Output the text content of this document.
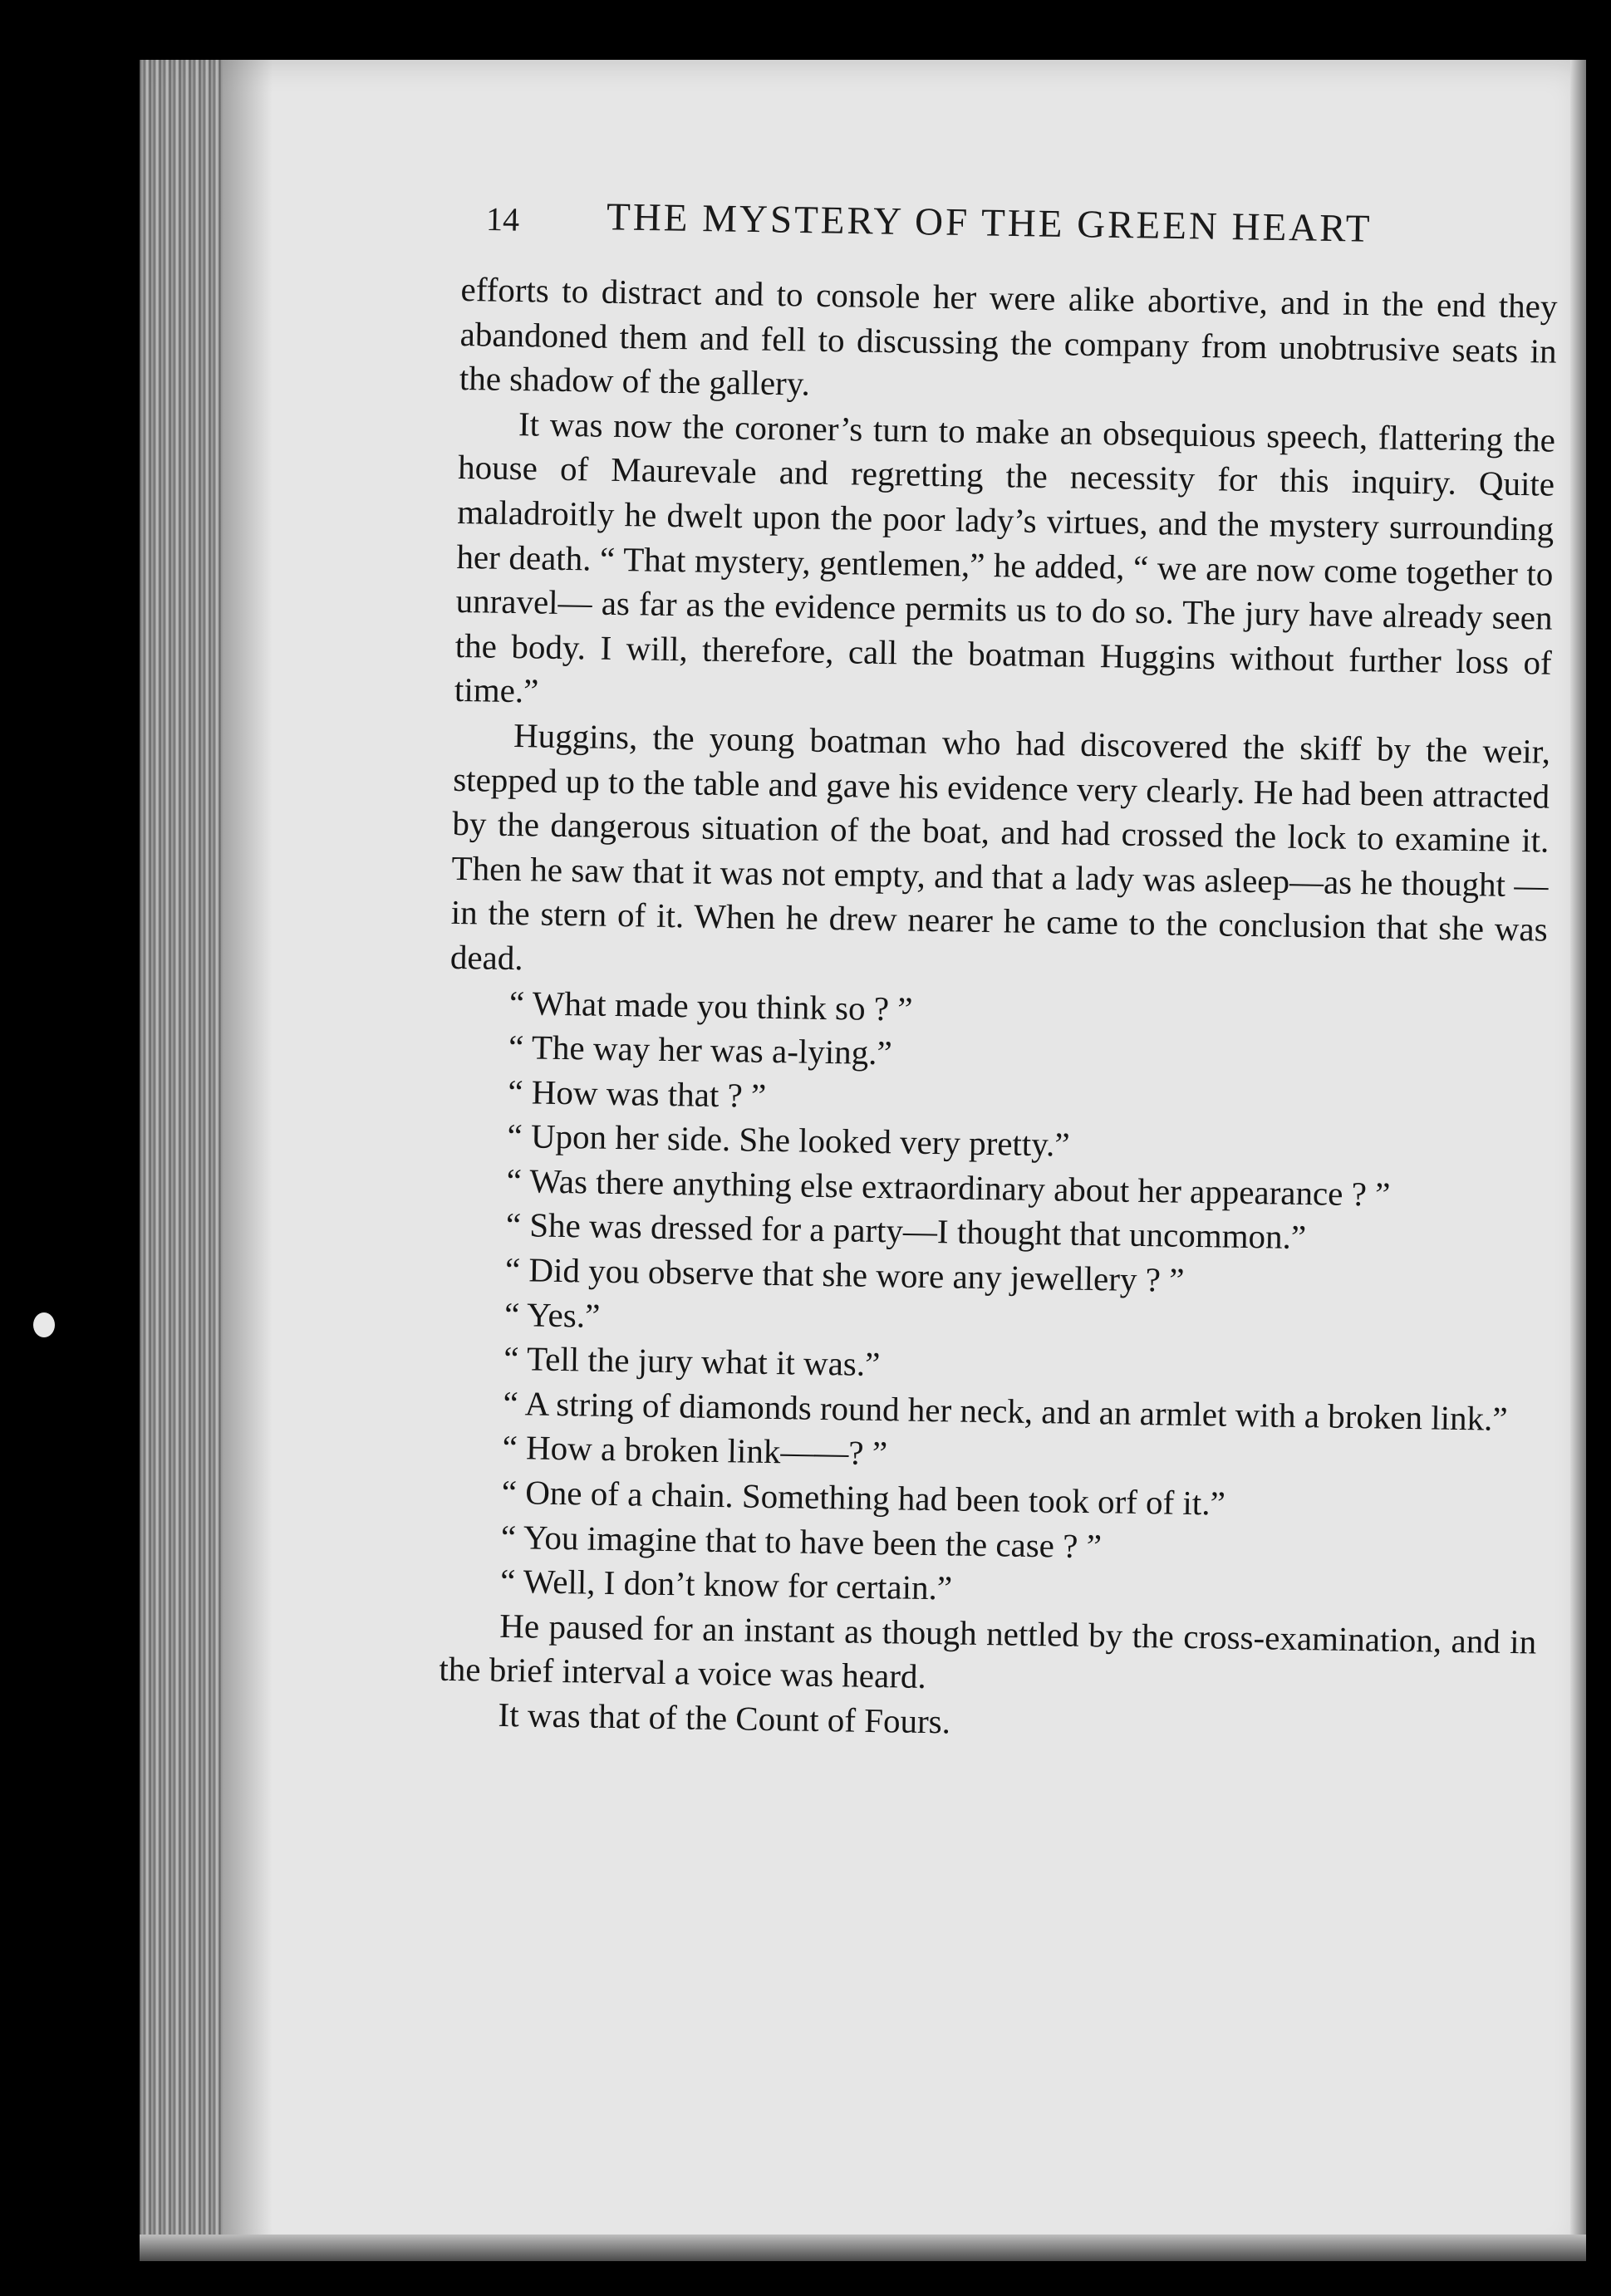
14 THE MYSTERY OF THE GREEN HEART

efforts to distract and to console her were alike abortive, and in the end they abandoned them and fell to discussing the company from unobtrusive seats in the shadow of the gallery.

It was now the coroner’s turn to make an obsequious speech, flattering the house of Maurevale and regretting the necessity for this inquiry. Quite maladroitly he dwelt upon the poor lady’s virtues, and the mystery surrounding her death. “ That mystery, gentlemen,” he added, “ we are now come together to unravel— as far as the evidence permits us to do so. The jury have already seen the body. I will, therefore, call the boatman Huggins without further loss of time.”

Huggins, the young boatman who had discovered the skiff by the weir, stepped up to the table and gave his evidence very clearly. He had been attracted by the dangerous situation of the boat, and had crossed the lock to examine it. Then he saw that it was not empty, and that a lady was asleep—as he thought —in the stern of it. When he drew nearer he came to the conclusion that she was dead.

“ What made you think so ? ”

“ The way her was a-lying.”

“ How was that ? ”

“ Upon her side. She looked very pretty.”

“ Was there anything else extraordinary about her appearance ? ”

“ She was dressed for a party—I thought that uncommon.”

“ Did you observe that she wore any jewellery ? ”

“ Yes.”

“ Tell the jury what it was.”

“ A string of diamonds round her neck, and an armlet with a broken link.”

“ How a broken link——? ”

“ One of a chain. Something had been took orf of it.”

“ You imagine that to have been the case ? ”

“ Well, I don’t know for certain.”

He paused for an instant as though nettled by the cross-examination, and in the brief interval a voice was heard.

It was that of the Count of Fours.
